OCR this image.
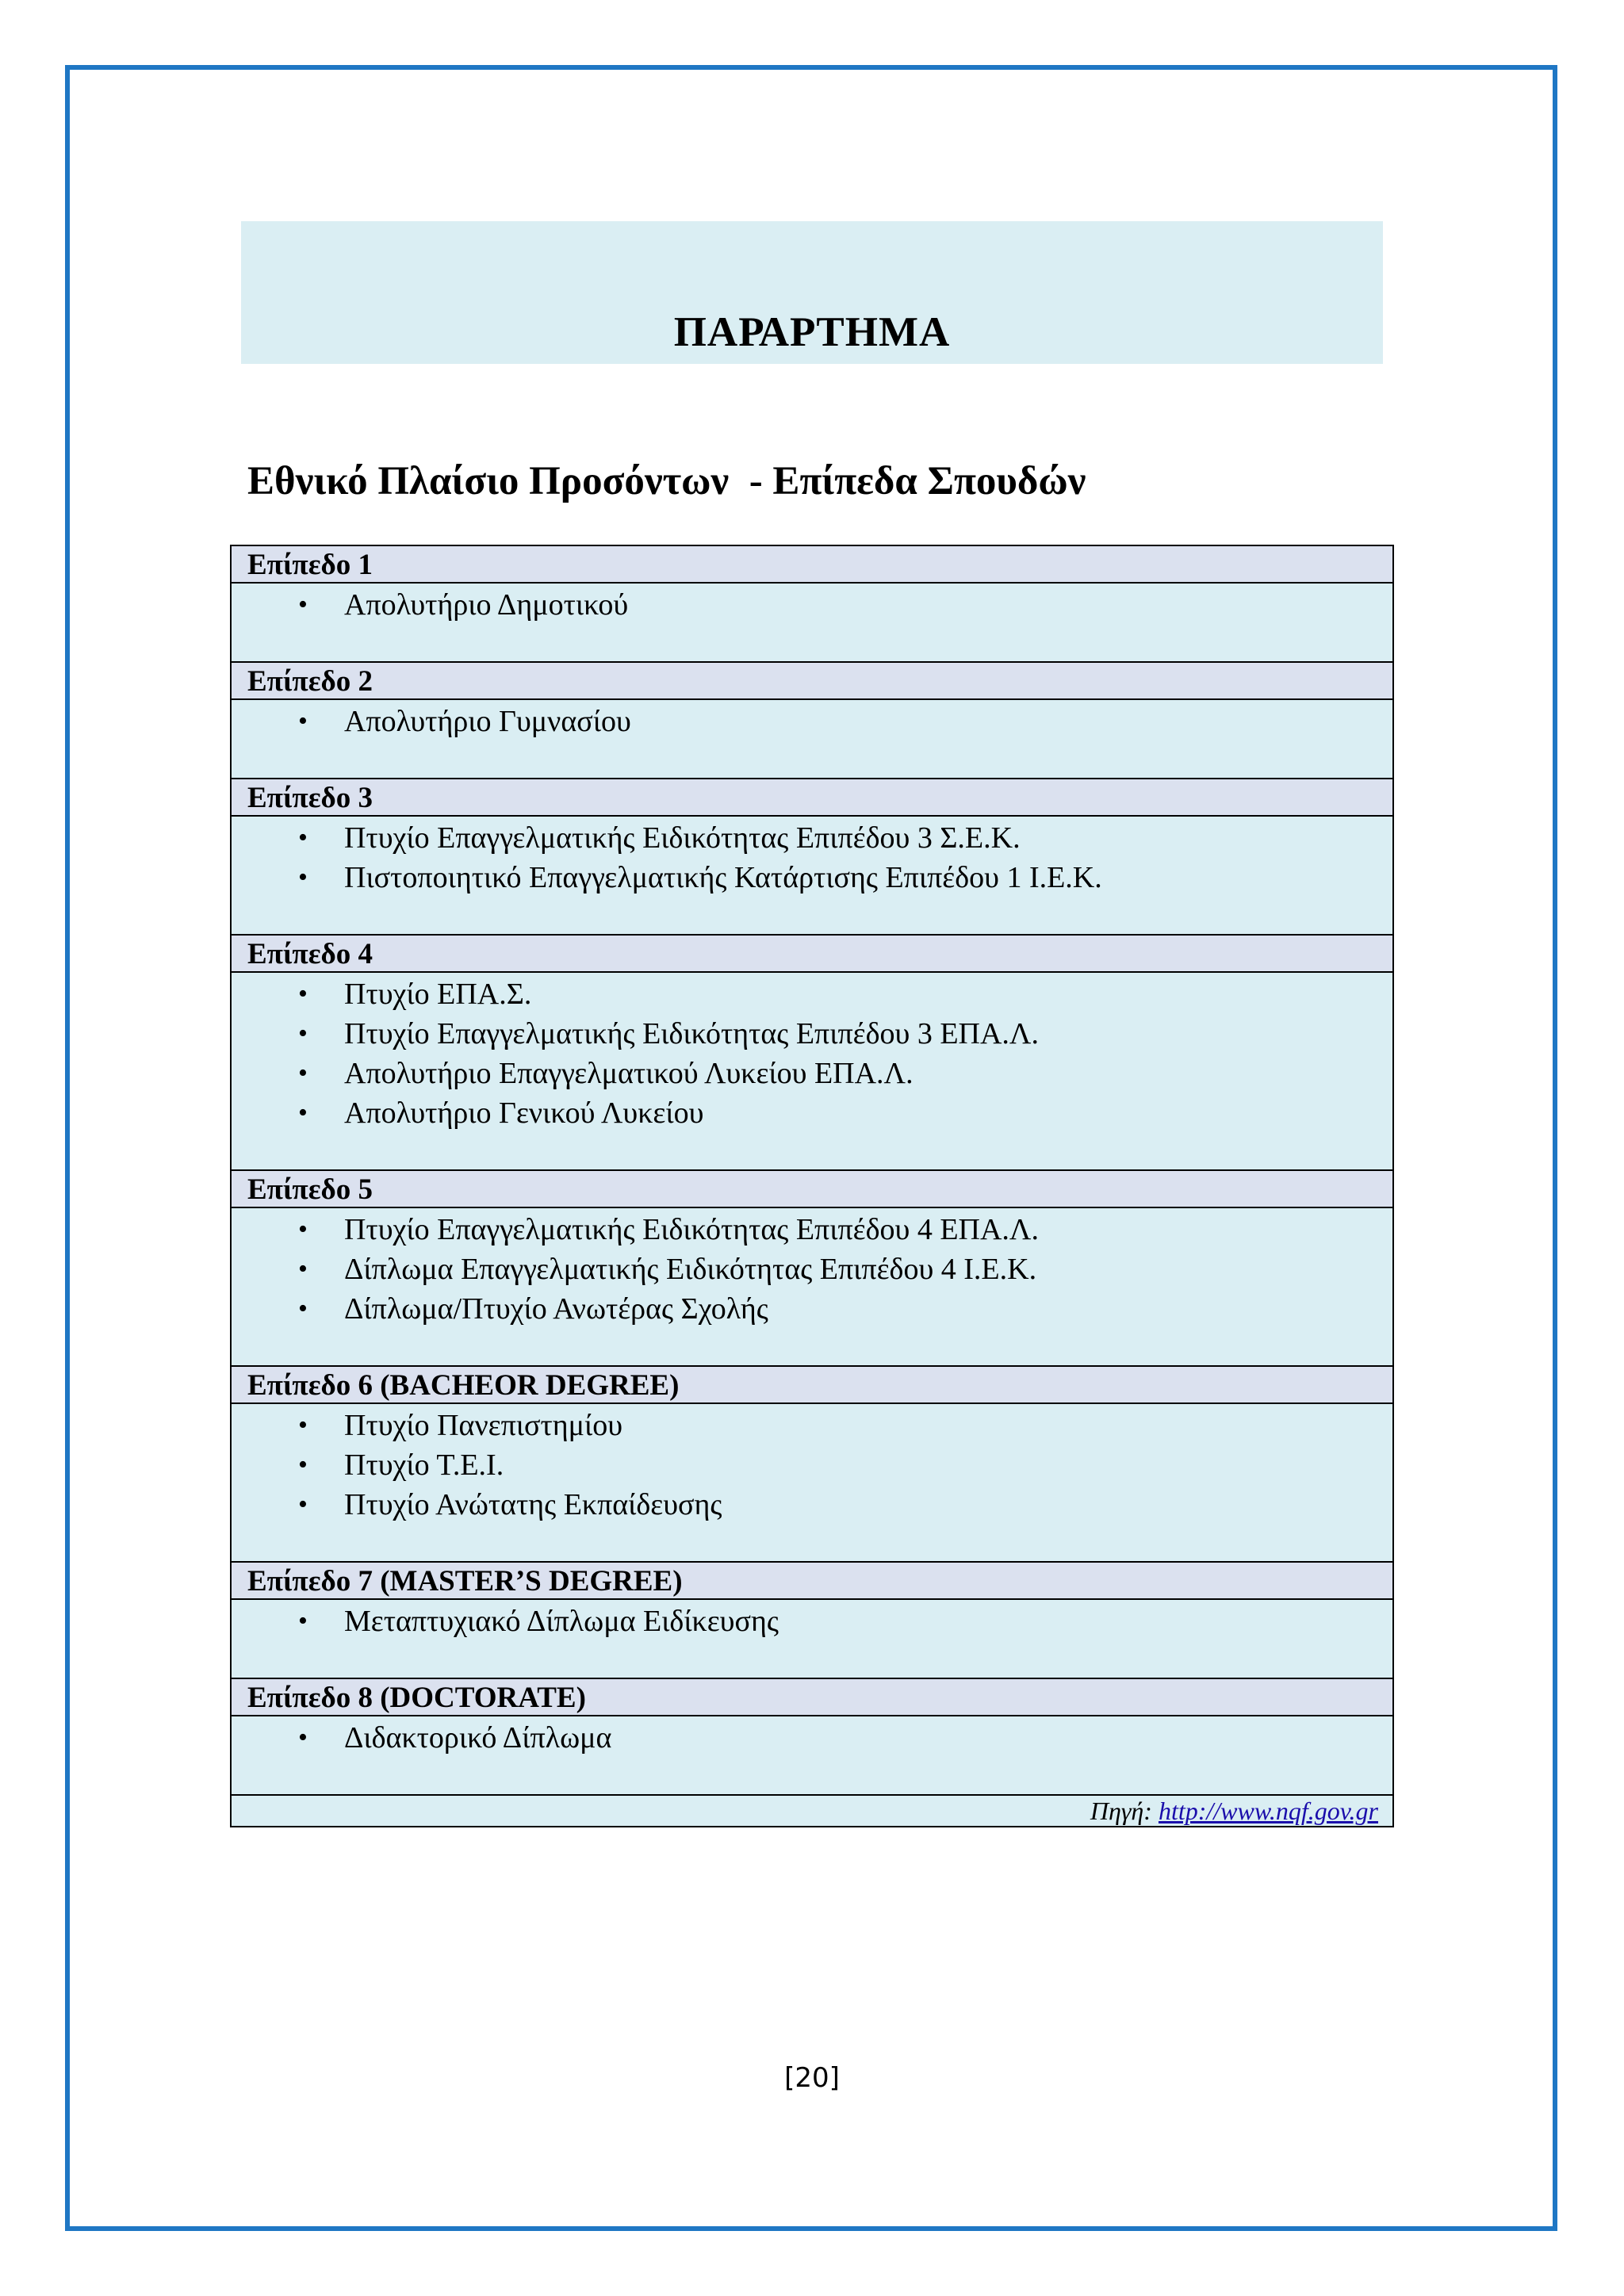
ΠΑΡΑΡΤΗΜΑ
Εθνικό Πλαίσιο Προσόντων  - Επίπεδα Σπουδών
Επίπεδο 1
• Απολυτήριο Δημοτικού
Επίπεδο 2
• Απολυτήριο Γυμνασίου
Επίπεδο 3
• Πτυχίο Επαγγελματικής Ειδικότητας Επιπέδου 3 Σ.Ε.Κ.
• Πιστοποιητικό Επαγγελματικής Κατάρτισης Επιπέδου 1 Ι.Ε.Κ.
Επίπεδο 4
• Πτυχίο ΕΠΑ.Σ.
• Πτυχίο Επαγγελματικής Ειδικότητας Επιπέδου 3 ΕΠΑ.Λ.
• Απολυτήριο Επαγγελματικού Λυκείου ΕΠΑ.Λ.
• Απολυτήριο Γενικού Λυκείου
Επίπεδο 5
• Πτυχίο Επαγγελματικής Ειδικότητας Επιπέδου 4 ΕΠΑ.Λ.
• Δίπλωμα Επαγγελματικής Ειδικότητας Επιπέδου 4 Ι.Ε.Κ.
• Δίπλωμα/Πτυχίο Ανωτέρας Σχολής
Επίπεδο 6 (BACHEOR DEGREE)
• Πτυχίο Πανεπιστημίου
• Πτυχίο Τ.Ε.Ι.
• Πτυχίο Ανώτατης Εκπαίδευσης
Επίπεδο 7 (MASTER’S DEGREE)
• Μεταπτυχιακό Δίπλωμα Ειδίκευσης
Επίπεδο 8 (DOCTORATE)
• Διδακτορικό Δίπλωμα
Πηγή: http://www.nqf.gov.gr
[20]
